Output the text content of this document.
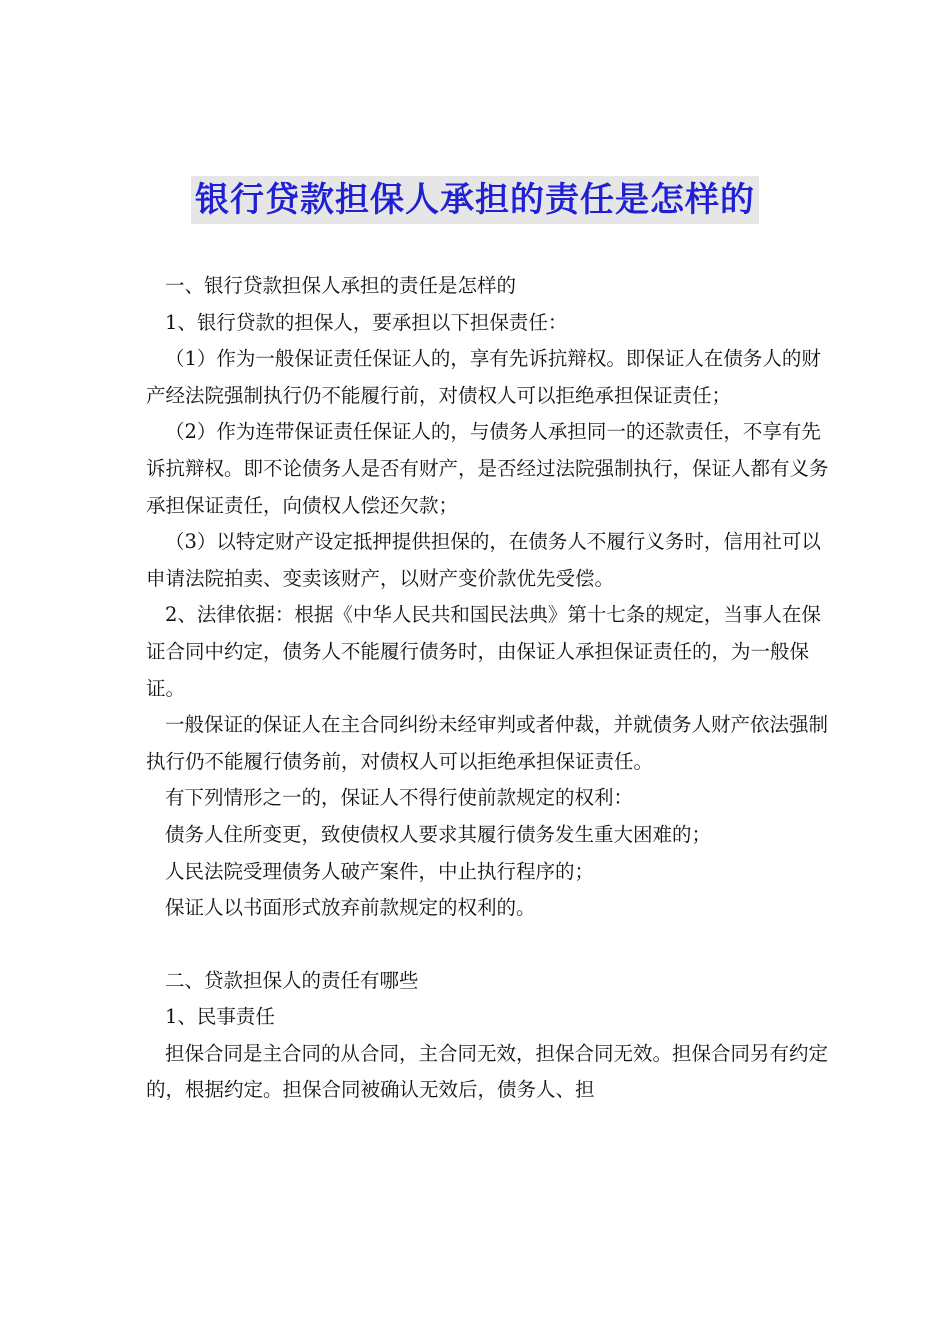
银行贷款担保人承担的责任是怎样的

一、银行贷款担保人承担的责任是怎样的

1、银行贷款的担保人，要承担以下担保责任：

（1）作为一般保证责任保证人的，享有先诉抗辩权。即保证人在债务人的财产经法院强制执行仍不能履行前，对债权人可以拒绝承担保证责任；

（2）作为连带保证责任保证人的，与债务人承担同一的还款责任，不享有先诉抗辩权。即不论债务人是否有财产，是否经过法院强制执行，保证人都有义务承担保证责任，向债权人偿还欠款；

（3）以特定财产设定抵押提供担保的，在债务人不履行义务时，信用社可以申请法院拍卖、变卖该财产，以财产变价款优先受偿。

2、法律依据：根据《中华人民共和国民法典》第十七条的规定，当事人在保证合同中约定，债务人不能履行债务时，由保证人承担保证责任的，为一般保证。

一般保证的保证人在主合同纠纷未经审判或者仲裁，并就债务人财产依法强制执行仍不能履行债务前，对债权人可以拒绝承担保证责任。

有下列情形之一的，保证人不得行使前款规定的权利：

债务人住所变更，致使债权人要求其履行债务发生重大困难的；

人民法院受理债务人破产案件，中止执行程序的；

保证人以书面形式放弃前款规定的权利的。

二、贷款担保人的责任有哪些

1、民事责任

担保合同是主合同的从合同，主合同无效，担保合同无效。担保合同另有约定的，根据约定。担保合同被确认无效后，债务人、担
